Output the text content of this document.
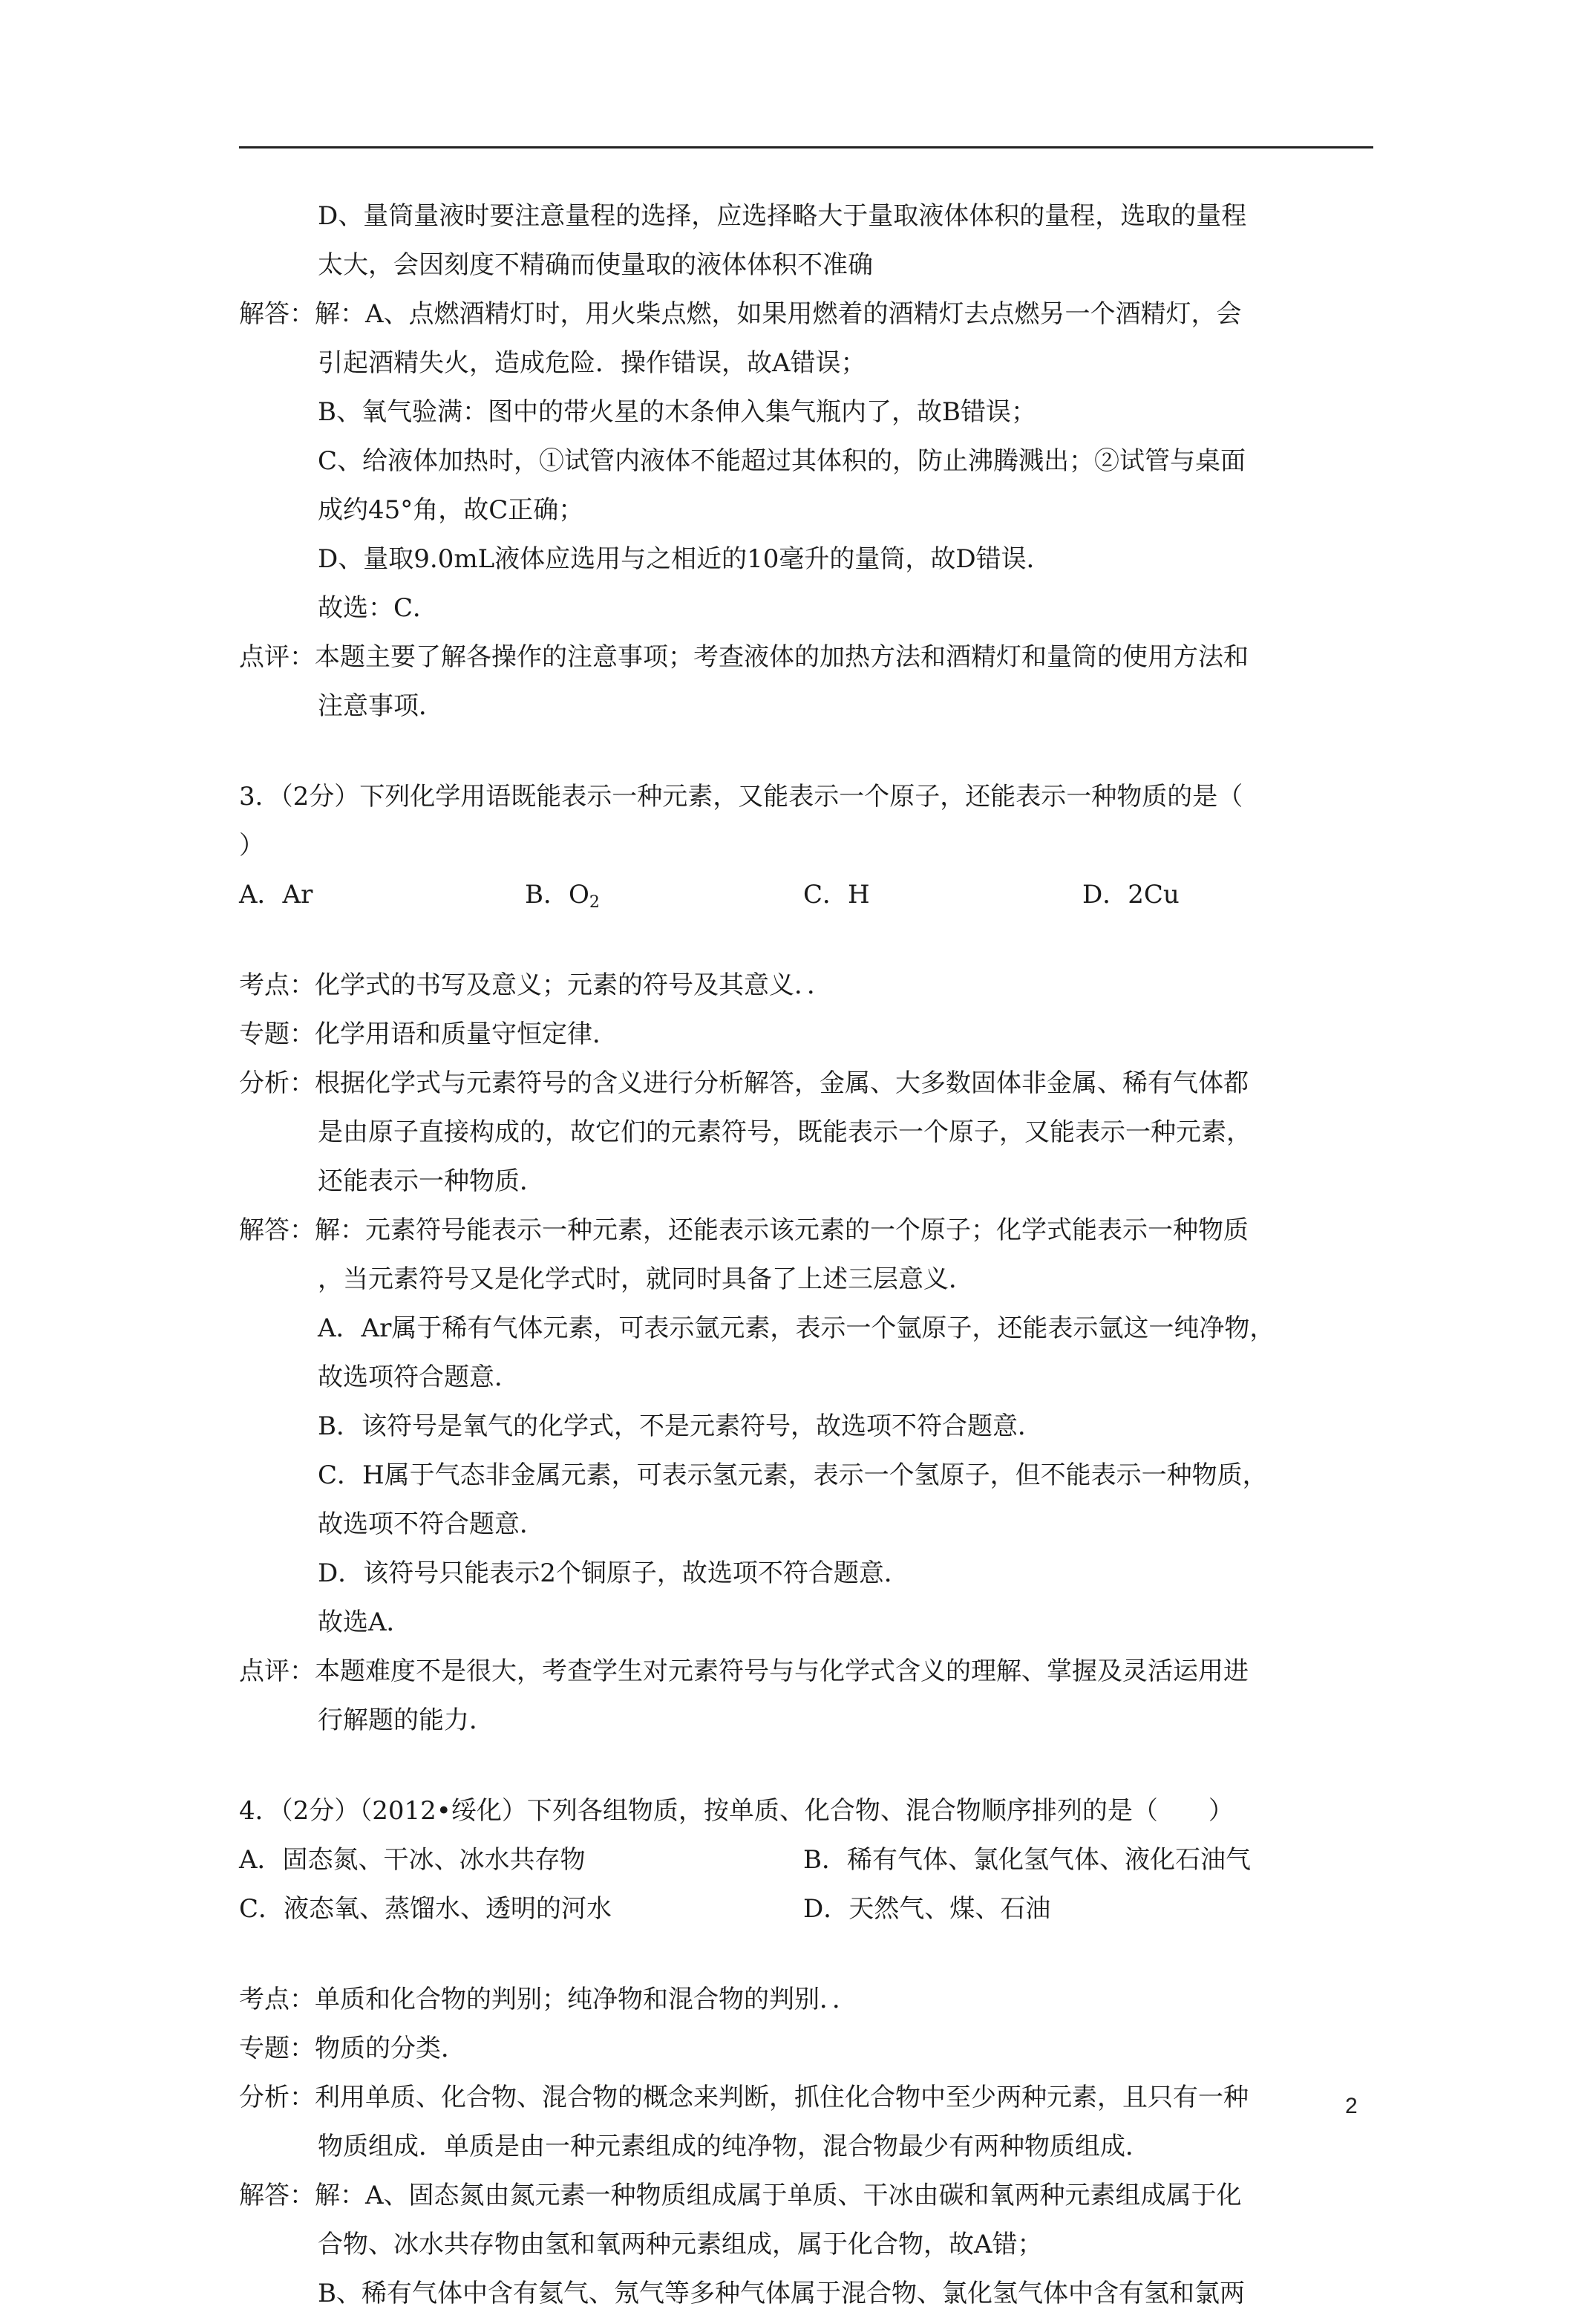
D、量筒量液时要注意量程的选择，应选择略大于量取液体体积的量程，选取的量程
太大，会因刻度不精确而使量取的液体体积不准确
解答：解：A、点燃酒精灯时，用火柴点燃，如果用燃着的酒精灯去点燃另一个酒精灯，会
引起酒精失火，造成危险．操作错误，故A错误；
B、氧气验满：图中的带火星的木条伸入集气瓶内了，故B错误；
C、给液体加热时，①试管内液体不能超过其体积的，防止沸腾溅出；②试管与桌面
成约45°角，故C正确；
D、量取9.0mL液体应选用与之相近的10毫升的量筒，故D错误．
故选：C．
点评：本题主要了解各操作的注意事项；考查液体的加热方法和酒精灯和量筒的使用方法和
注意事项．
3．（2分）下列化学用语既能表示一种元素，又能表示一个原子，还能表示一种物质的是（
）
A．Ar	B．$O_2$	C．H	D．2Cu
考点：化学式的书写及意义；元素的符号及其意义．．
专题：化学用语和质量守恒定律．
分析：根据化学式与元素符号的含义进行分析解答，金属、大多数固体非金属、稀有气体都
是由原子直接构成的，故它们的元素符号，既能表示一个原子，又能表示一种元素，
还能表示一种物质．
解答：解：元素符号能表示一种元素，还能表示该元素的一个原子；化学式能表示一种物质
，当元素符号又是化学式时，就同时具备了上述三层意义．
A．Ar属于稀有气体元素，可表示氩元素，表示一个氩原子，还能表示氩这一纯净物，
故选项符合题意．
B．该符号是氧气的化学式，不是元素符号，故选项不符合题意．
C．H属于气态非金属元素，可表示氢元素，表示一个氢原子，但不能表示一种物质，
故选项不符合题意．
D．该符号只能表示2个铜原子，故选项不符合题意．
故选A．
点评：本题难度不是很大，考查学生对元素符号与与化学式含义的理解、掌握及灵活运用进
行解题的能力．
4．（2分）（2012•绥化）下列各组物质，按单质、化合物、混合物顺序排列的是（　　）
A．固态氮、干冰、冰水共存物	B．稀有气体、氯化氢气体、液化石油气
C．液态氧、蒸馏水、透明的河水	D．天然气、煤、石油
考点：单质和化合物的判别；纯净物和混合物的判别．．
专题：物质的分类．
分析：利用单质、化合物、混合物的概念来判断，抓住化合物中至少两种元素，且只有一种
物质组成．单质是由一种元素组成的纯净物，混合物最少有两种物质组成．
解答：解：A、固态氮由氮元素一种物质组成属于单质、干冰由碳和氧两种元素组成属于化
合物、冰水共存物由氢和氧两种元素组成，属于化合物，故A错；
B、稀有气体中含有氦气、氖气等多种气体属于混合物、氯化氢气体中含有氢和氯两
2
